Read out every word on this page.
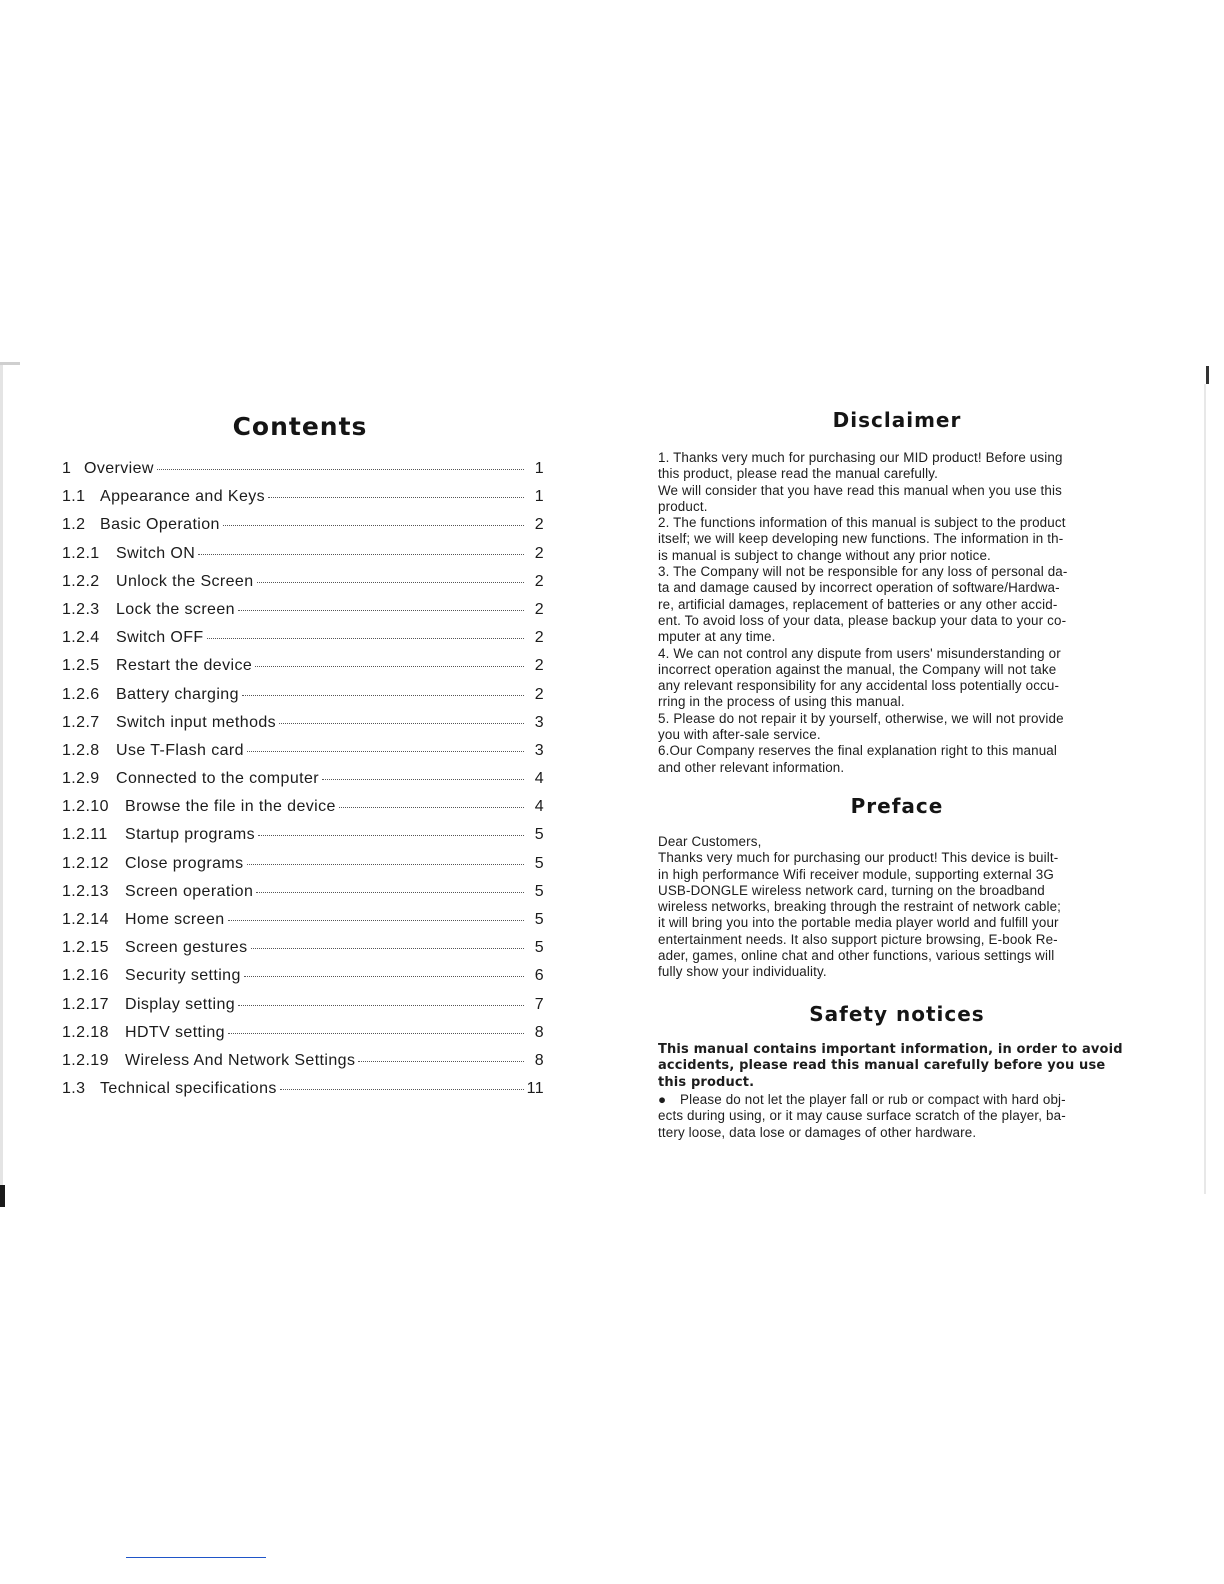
Contents
1 Overview	1
1.1 Appearance and Keys	1
1.2 Basic Operation	2
1.2.1	Switch ON	2
1.2.2	Unlock the Screen	2
1.2.3	Lock the screen	2
1.2.4	Switch OFF	2
1.2.5	Restart the device	2
1.2.6	Battery charging	2
1.2.7	Switch input methods	3
1.2.8	Use T-Flash card	3
1.2.9	Connected to the computer	4
1.2.10	Browse the file in the device	4
1.2.11	Startup programs	5
1.2.12	Close programs	5
1.2.13	Screen operation	5
1.2.14	Home screen	5
1.2.15	Screen gestures	5
1.2.16	Security setting	6
1.2.17	Display setting	7
1.2.18	HDTV setting	8
1.2.19	Wireless And Network Settings	8
1.3 Technical specifications	11
Disclaimer
1. Thanks very much for purchasing our MID product! Before using
this product, please read the manual carefully.
We will consider that you have read this manual when you use this
product.
2. The functions information of this manual is subject to the product
itself; we will keep developing new functions. The information in th-
is manual is subject to change without any prior notice.
3. The Company will not be responsible for any loss of personal da-
ta and damage caused by incorrect operation of software/Hardwa-
re, artificial damages, replacement of batteries or any other accid-
ent. To avoid loss of your data, please backup your data to your co-
mputer at any time.
4. We can not control any dispute from users' misunderstanding or
incorrect operation against the manual, the Company will not take
any relevant responsibility for any accidental loss potentially occu-
rring in the process of using this manual.
5. Please do not repair it by yourself, otherwise, we will not provide
you with after-sale service.
6.Our Company reserves the final explanation right to this manual
and other relevant information.
Preface
Dear Customers,
Thanks very much for purchasing our product! This device is built-
in high performance Wifi receiver module, supporting external 3G
USB-DONGLE wireless network card, turning on the broadband
wireless networks, breaking through the restraint of network cable;
it will bring you into the portable media player world and fulfill your
entertainment needs. It also support picture browsing, E-book Re-
ader, games, online chat and other functions, various settings will
fully show your individuality.
Safety notices
This manual contains important information, in order to avoid
accidents, please read this manual carefully before you use
this product.
● Please do not let the player fall or rub or compact with hard obj-
ects during using, or it may cause surface scratch of the player, ba-
ttery loose, data lose or damages of other hardware.
